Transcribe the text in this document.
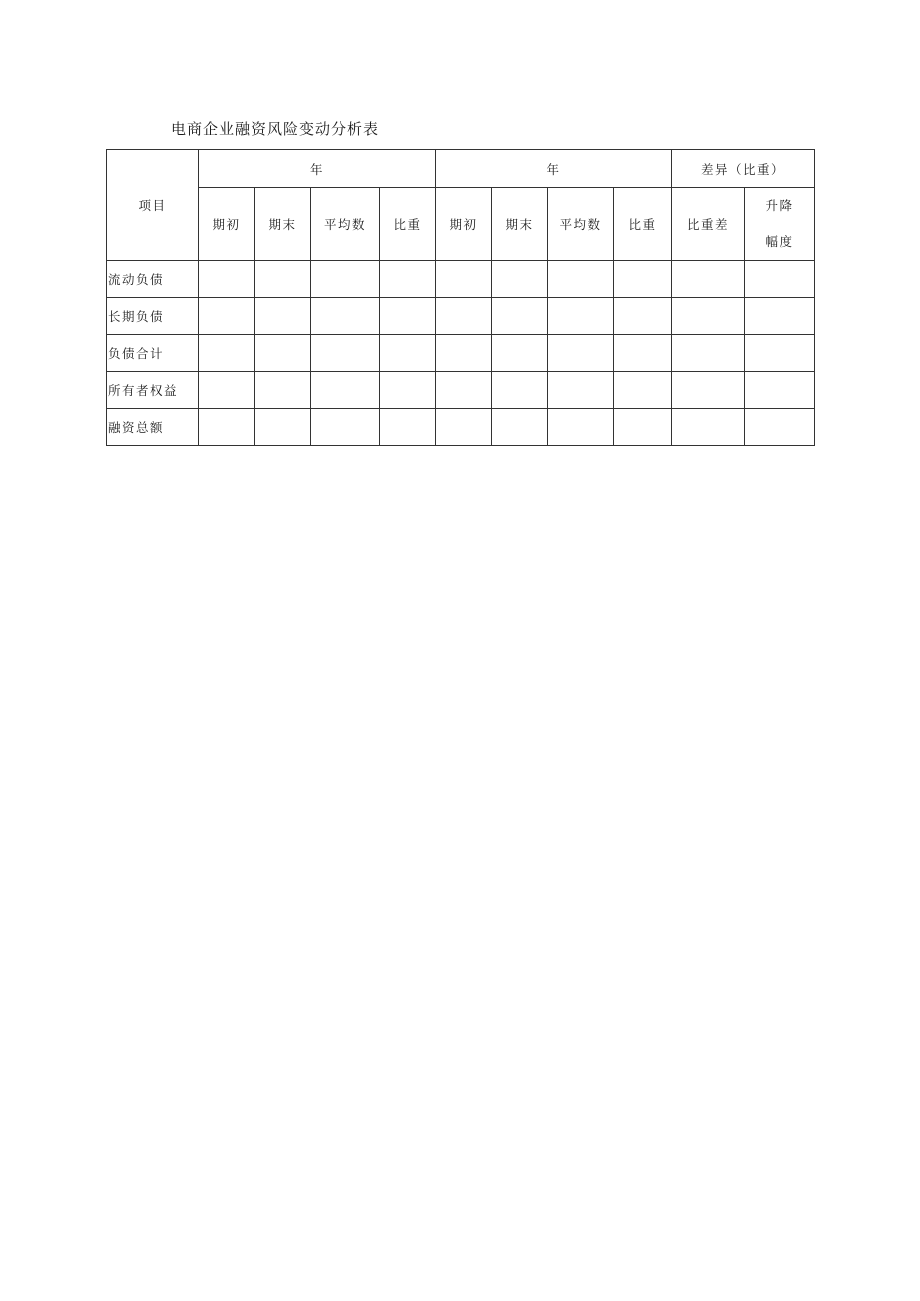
电商企业融资风险变动分析表
项目	年				年				差异（比重）	
	期初	期末	平均数	比重	期初	期末	平均数	比重	比重差	升降
幅度

流动负债										
长期负债										
负债合计										
所有者权益										
融资总额										
